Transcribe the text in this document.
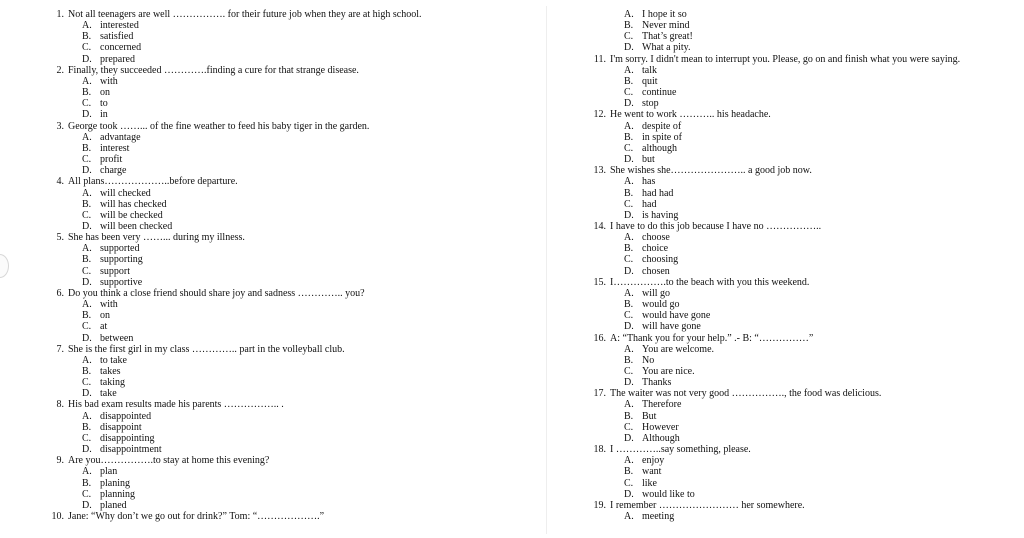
1. Not all teenagers are well ……………. for their future job when they are at high school.
A. interested
B. satisfied
C. concerned
D. prepared
2. Finally, they succeeded ………….finding a cure for that strange disease.
A. with
B. on
C. to
D. in
3. George took ……... of the fine weather to feed his baby tiger in the garden.
A. advantage
B. interest
C. profit
D. charge
4. All plans………………..before departure.
A. will checked
B. will has checked
C. will be checked
D. will been checked
5. She has been very ……... during my illness.
A. supported
B. supporting
C. support
D. supportive
6. Do you think a close friend should share joy and sadness ………….. you?
A. with
B. on
C. at
D. between
7. She is the first girl in my class ………….. part in the volleyball club.
A. to take
B. takes
C. taking
D. take
8. His bad exam results made his parents …………….. .
A. disappointed
B. disappoint
C. disappointing
D. disappointment
9. Are you…………….to stay at home this evening?
A. plan
B. planing
C. planning
D. planed
10. Jane: “Why don’t we go out for drink?” Tom: “……………….”
A. I hope it so
B. Never mind
C. That’s great!
D. What a pity.
11. I'm sorry. I didn't mean to interrupt you. Please, go on and finish what you were saying.
A. talk
B. quit
C. continue
D. stop
12. He went to work ……….. his headache.
A. despite of
B. in spite of
C. although
D. but
13. She wishes she………………….. a good job now.
A. has
B. had had
C. had
D. is having
14. I have to do this job because I have no ……………..
A. choose
B. choice
C. choosing
D. chosen
15. I…………….to the beach with you this weekend.
A. will go
B. would go
C. would have gone
D. will have gone
16. A: “Thank you for your help.” .- B: “……………”
A. You are welcome.
B. No
C. You are nice.
D. Thanks
17. The waiter was not very good ……………., the food was delicious.
A. Therefore
B. But
C. However
D. Although
18. I …………..say something, please.
A. enjoy
B. want
C. like
D. would like to
19. I remember …………………… her somewhere.
A. meeting
